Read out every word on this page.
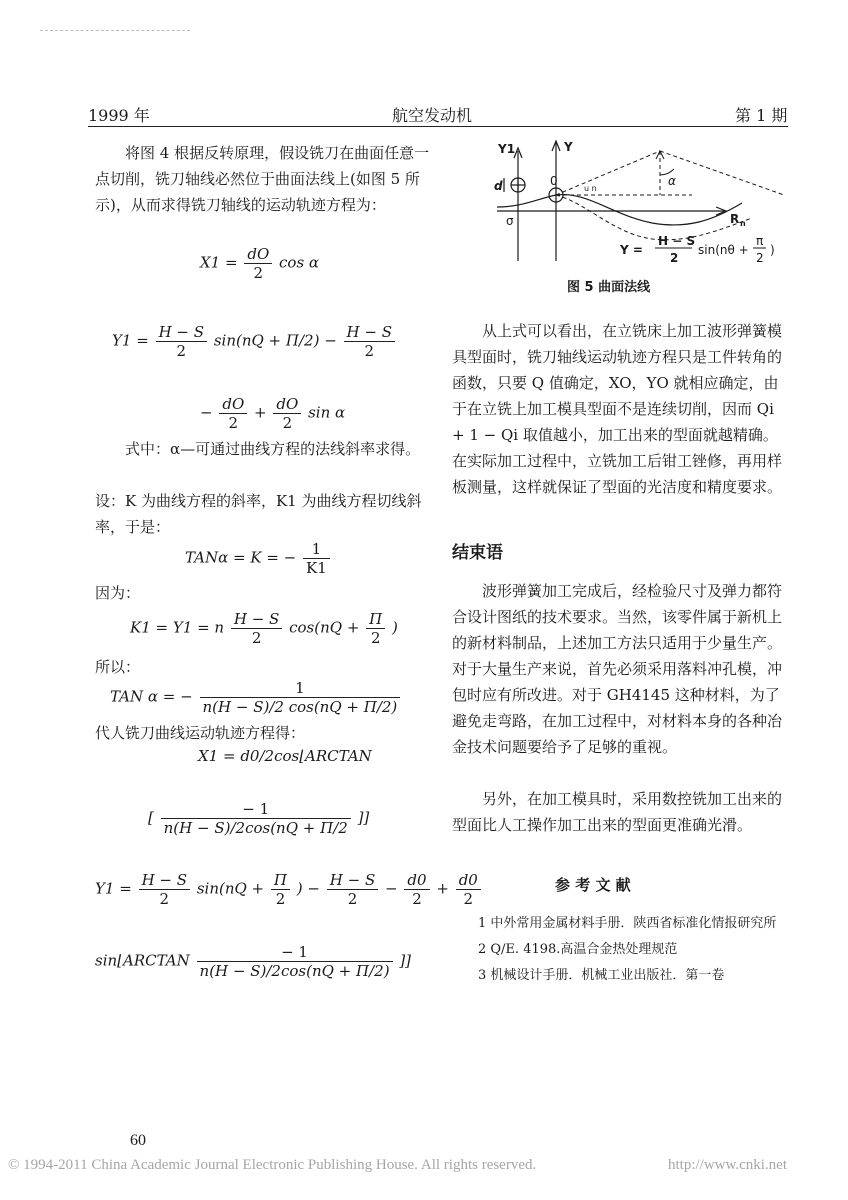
1999 年	航空发动机	第 1 期
将图 4 根据反转原理，假设铣刀在曲面任意一点切削，铣刀轴线必然位于曲面法线上(如图 5 所示)，从而求得铣刀轴线的运动轨迹方程为：
$X1 = \frac{dO}{2}$ cos α
$Y1 = \frac{H - S}{2} \sin(nQ + \Pi/2) - \frac{H - S}{2}$
− $\frac{dO}{2} + \frac{dO}{2}$ sin α
式中：α—可通过曲线方程的法线斜率求得。
设：K 为曲线方程的斜率，K1 为曲线方程切线斜率，于是：
TANα = K = − $\frac{1}{K1}$
因为：
K1 = Y1 = n $\frac{H - S}{2} \cos(nQ + \frac{\Pi}{2}$ )
所以：
TAN α = − $\frac{1}{n(H - S)/2 \cos(nQ + \Pi/2)}$
代人铣刀曲线运动轨迹方程得：
X1 = d0/2cos⌊ARCTAN
[ $\frac{- 1}{n(H - S)/2\cos(nQ + \Pi/2}$ ]]
$Y1 = \frac{H - S}{2} \sin(nQ + \frac{\Pi}{2}$ ) − $\frac{H - S}{2} - \frac{d0}{2} + \frac{d0}{2}$
sin⌊ARCTAN $\frac{- 1}{n(H - S)/2\cos(nQ + \Pi/2)}$ ]]
Y1	Y
d	0
σ
α
u n
R n
Y =
H − S
2
sin(nθ +
π
2
)
图 5 曲面法线
从上式可以看出，在立铣床上加工波形弹簧模具型面时，铣刀轴线运动轨迹方程只是工件转角的函数，只要 Q 值确定，XO，YO 就相应确定，由于在立铣上加工模具型面不是连续切削，因而 Qi + 1 − Qi 取值越小，加工出来的型面就越精确。在实际加工过程中，立铣加工后钳工锉修，再用样板测量，这样就保证了型面的光洁度和精度要求。
结束语
波形弹簧加工完成后，经检验尺寸及弹力都符合设计图纸的技术要求。当然，该零件属于新机上的新材料制品，上述加工方法只适用于少量生产。对于大量生产来说，首先必须采用落料冲孔模，冲包时应有所改进。对于 GH4145 这种材料，为了避免走弯路，在加工过程中，对材料本身的各种冶金技术问题要给予了足够的重视。
另外，在加工模具时，采用数控铣加工出来的型面比人工操作加工出来的型面更准确光滑。
参 考 文 献
1 中外常用金属材料手册．陕西省标准化情报研究所
2 Q/E. 4198.高温合金热处理规范
3 机械设计手册．机械工业出版社．第一卷
60
© 1994-2011 China Academic Journal Electronic Publishing House. All rights reserved.	http://www.cnki.net
